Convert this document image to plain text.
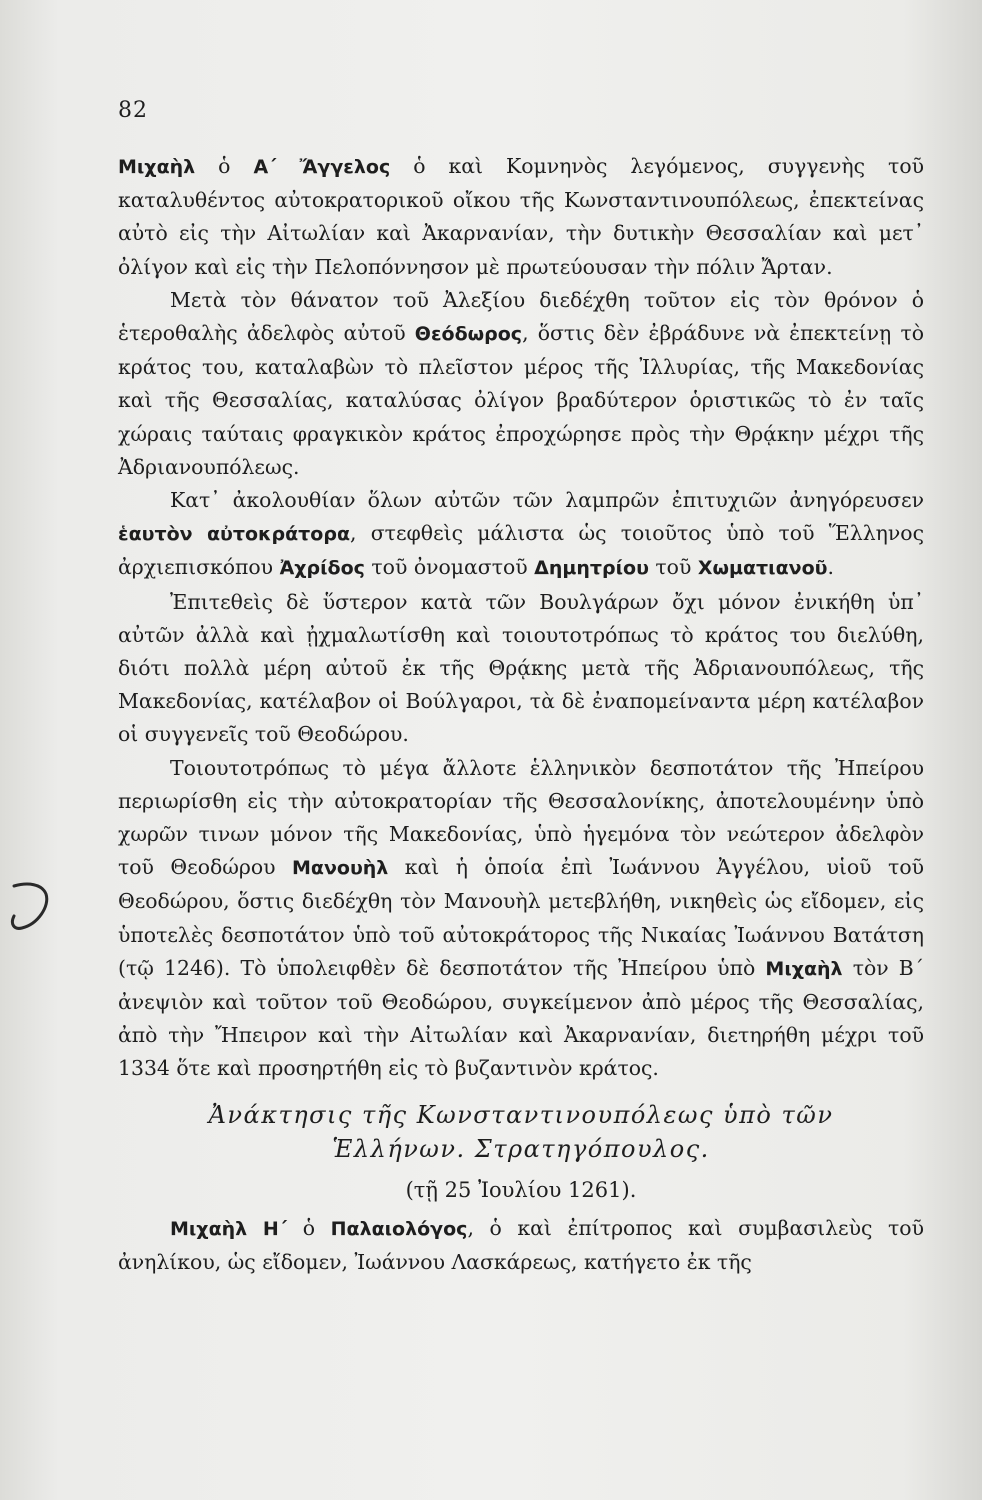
82

Μιχαὴλ ὁ Α΄ Ἄγγελος ὁ καὶ Κομνηνὸς λεγόμενος, συγγενὴς τοῦ καταλυθέντος αὐτοκρατορικοῦ οἴκου τῆς Κωνσταντινουπόλεως, ἐπεκτείνας αὐτὸ εἰς τὴν Αἰτωλίαν καὶ Ἀκαρνανίαν, τὴν δυτικὴν Θεσσαλίαν καὶ μετ᾽ ὀλίγον καὶ εἰς τὴν Πελοπόννησον μὲ πρωτεύουσαν τὴν πόλιν Ἄρταν.

Μετὰ τὸν θάνατον τοῦ Ἀλεξίου διεδέχθη τοῦτον εἰς τὸν θρόνον ὁ ἑτεροθαλὴς ἀδελφὸς αὐτοῦ Θεόδωρος, ὅστις δὲν ἐβράδυνε νὰ ἐπεκτείνῃ τὸ κράτος του, καταλαβὼν τὸ πλεῖστον μέρος τῆς Ἰλλυρίας, τῆς Μακεδονίας καὶ τῆς Θεσσαλίας, καταλύσας ὀλίγον βραδύτερον ὁριστικῶς τὸ ἐν ταῖς χώραις ταύταις φραγκικὸν κράτος ἐπροχώρησε πρὸς τὴν Θρᾴκην μέχρι τῆς Ἀδριανουπόλεως.

Κατ᾽ ἀκολουθίαν ὅλων αὐτῶν τῶν λαμπρῶν ἐπιτυχιῶν ἀνηγόρευσεν ἑαυτὸν αὐτοκράτορα, στεφθεὶς μάλιστα ὡς τοιοῦτος ὑπὸ τοῦ Ἕλληνος ἀρχιεπισκόπου Ἀχρίδος τοῦ ὀνομαστοῦ Δημητρίου τοῦ Χωματιανοῦ.

Ἐπιτεθεὶς δὲ ὕστερον κατὰ τῶν Βουλγάρων ὄχι μόνον ἐνικήθη ὑπ᾽ αὐτῶν ἀλλὰ καὶ ᾐχμαλωτίσθη καὶ τοιουτοτρόπως τὸ κράτος του διελύθη, διότι πολλὰ μέρη αὐτοῦ ἐκ τῆς Θρᾴκης μετὰ τῆς Ἀδριανουπόλεως, τῆς Μακεδονίας, κατέλαβον οἱ Βούλγαροι, τὰ δὲ ἐναπομείναντα μέρη κατέλαβον οἱ συγγενεῖς τοῦ Θεοδώρου.

Τοιουτοτρόπως τὸ μέγα ἄλλοτε ἑλληνικὸν δεσποτάτον τῆς Ἠπείρου περιωρίσθη εἰς τὴν αὐτοκρατορίαν τῆς Θεσσαλονίκης, ἀποτελουμένην ὑπὸ χωρῶν τινων μόνον τῆς Μακεδονίας, ὑπὸ ἡγεμόνα τὸν νεώτερον ἀδελφὸν τοῦ Θεοδώρου Μανουὴλ καὶ ἡ ὁποία ἐπὶ Ἰωάννου Ἀγγέλου, υἱοῦ τοῦ Θεοδώρου, ὅστις διεδέχθη τὸν Μανουὴλ μετεβλήθη, νικηθεὶς ὡς εἴδομεν, εἰς ὑποτελὲς δεσποτάτον ὑπὸ τοῦ αὐτοκράτορος τῆς Νικαίας Ἰωάννου Βατάτση (τῷ 1246). Τὸ ὑπολειφθὲν δὲ δεσποτάτον τῆς Ἠπείρου ὑπὸ Μιχαὴλ τὸν Β΄ ἀνεψιὸν καὶ τοῦτον τοῦ Θεοδώρου, συγκείμενον ἀπὸ μέρος τῆς Θεσσαλίας, ἀπὸ τὴν Ἤπειρον καὶ τὴν Αἰτωλίαν καὶ Ἀκαρνανίαν, διετηρήθη μέχρι τοῦ 1334 ὅτε καὶ προσηρτήθη εἰς τὸ βυζαντινὸν κράτος.

Ἀνάκτησις τῆς Κωνσταντινουπόλεως ὑπὸ τῶν
Ἑλλήνων. Στρατηγόπουλος.
(τῇ 25 Ἰουλίου 1261).

Μιχαὴλ Η΄ ὁ Παλαιολόγος, ὁ καὶ ἐπίτροπος καὶ συμβασιλεὺς τοῦ ἀνηλίκου, ὡς εἴδομεν, Ἰωάννου Λασκάρεως, κατήγετο ἐκ τῆς
